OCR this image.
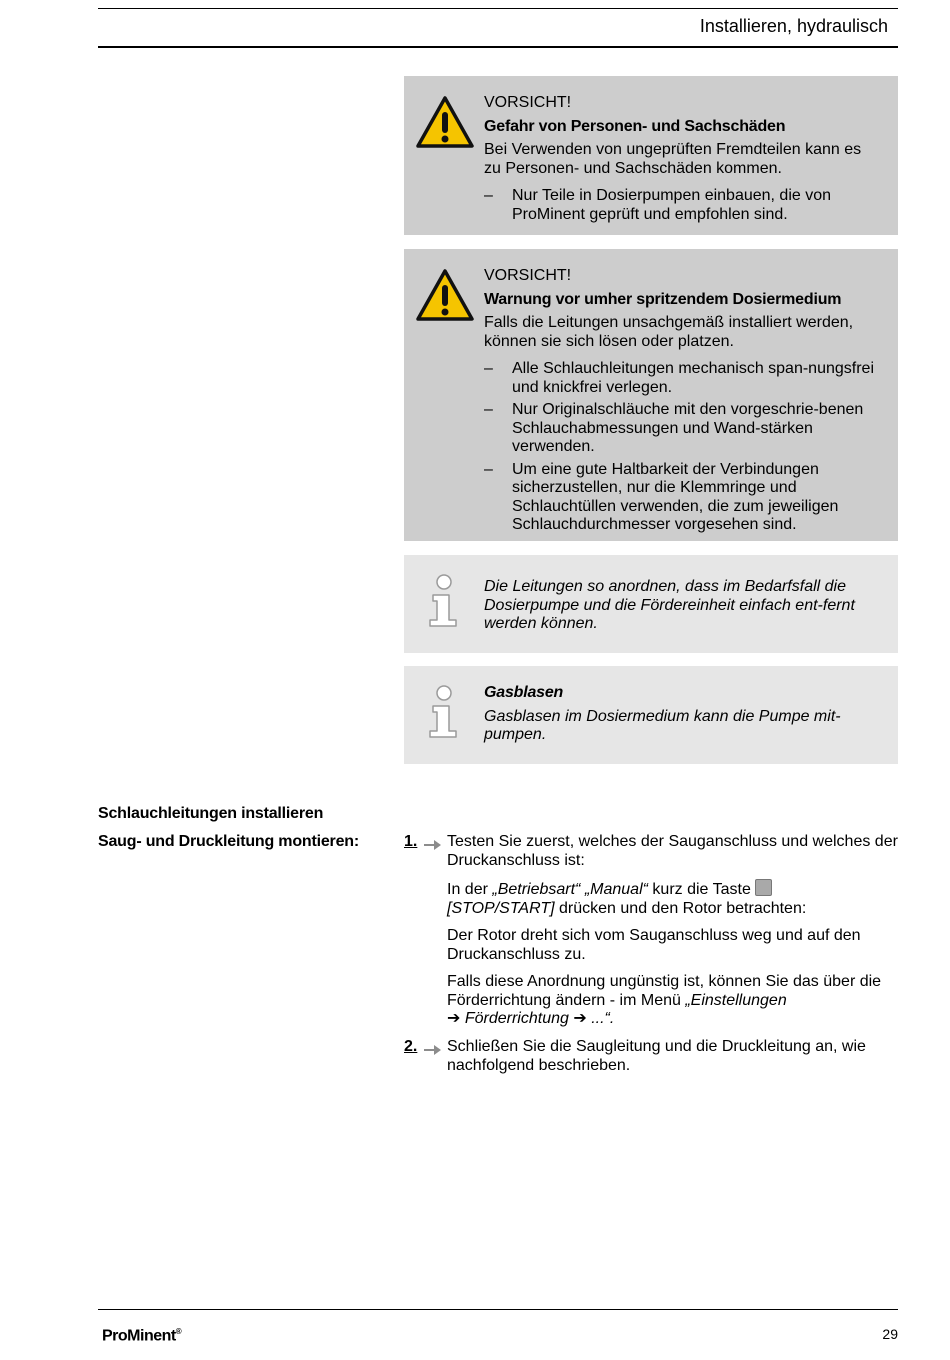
Installieren, hydraulisch

VORSICHT!

Gefahr von Personen- und Sachschäden

Bei Verwenden von ungeprüften Fremdteilen kann es zu Personen- und Sachschäden kommen.

– Nur Teile in Dosierpumpen einbauen, die von ProMinent geprüft und empfohlen sind.

VORSICHT!

Warnung vor umher spritzendem Dosiermedium

Falls die Leitungen unsachgemäß installiert werden, können sie sich lösen oder platzen.

– Alle Schlauchleitungen mechanisch span-nungsfrei und knickfrei verlegen.
– Nur Originalschläuche mit den vorgeschrie-benen Schlauchabmessungen und Wand-stärken verwenden.
– Um eine gute Haltbarkeit der Verbindungen sicherzustellen, nur die Klemmringe und Schlauchtüllen verwenden, die zum jeweiligen Schlauchdurchmesser vorgesehen sind.

Die Leitungen so anordnen, dass im Bedarfsfall die Dosierpumpe und die Fördereinheit einfach ent-fernt werden können.

Gasblasen

Gasblasen im Dosiermedium kann die Pumpe mit-pumpen.

Schlauchleitungen installieren
Saug- und Druckleitung montieren:	1. Testen Sie zuerst, welches der Sauganschluss und welches der Druckanschluss ist:

In der „Betriebsart“ „Manual“ kurz die Taste
[STOP/START] drücken und den Rotor betrachten:

Der Rotor dreht sich vom Sauganschluss weg und auf den Druckanschluss zu.

Falls diese Anordnung ungünstig ist, können Sie das über die Förderrichtung ändern - im Menü „Einstellungen
➔ Förderrichtung ➔ ...“.

2. Schließen Sie die Saugleitung und die Druckleitung an, wie nachfolgend beschrieben.

ProMinent®	29
